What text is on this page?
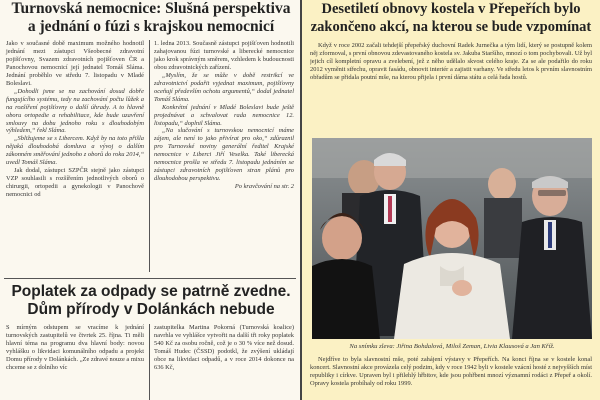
Turnovská nemocnice: Slušná perspektiva a jednání o fúzi s krajskou nemocnicí

Jako v současné době maximum možného hodnotil jednání mezi zástupci Všeobecné zdravotní pojišťovny, Svazem zdravotních pojišťoven ČR a Panochovou nemocnicí její jednatel Tomáš Sláma. Jednání proběhlo ve středu 7. listopadu v Mladé Boleslavi.

„Dohodli jsme se na zachování dosud dobře fungujícího systému, tedy na zachování počtu lůžek a na rozšíření pojišťovny o další úhrady. A to hlavně oboru ortopedie a rehabilitace, kde bude uzavření smlouvy na dobu jednoho roku s dlouhodobým výhledem,“ řekl Sláma.

„Sbližujeme se s Libercem. Když by na toto přišla nějaká dlouhodobá domluva a vývoj o dalším zákonném směřování jednoho z oborů do roku 2014,“ uvedl Tomáš Sláma.

Jak dodal, zástupci SZPČR stejně jako zástupci VZP souhlasili s rozšířením jednotlivých oborů o chirurgii, ortopedii a gynekologii v Panochově nemocnici od

1. ledna 2013. Současně zástupci pojišťoven hodnotili zahajovanou fúzi turnovské a liberecké nemocnice jako krok správným směrem, vzhledem k budoucnosti obou zdravotnických zařízení.

„Myslím, že se může v době restrikcí ve zdravotnictví podařit vyjednat maximum, pojišťovny oceňují především ochotu argumentů,“ dodal jednatel Tomáš Sláma.

Konkrétní jednání v Mladé Boleslavi bude ještě projednávat a schvalovat rada nemocnice 12. listopadu,“ doplnil Sláma.

„Na slučování s turnovskou nemocnicí máme zájem, ale není to jako přivírat pro oko,“ zdůraznil pro Turnovské noviny generální ředitel Krajské nemocnice v Liberci Jiří Veselka. Také liberecká nemocnice prošla ve středu 7. listopadu jednáním se zástupci zdravotních pojišťoven stran plánů pro dlouhodobou perspektivu.

Po kravčování na str. 2
Poplatek za odpady se patrně zvedne.
Dům přírody v Dolánkách nebude

S mírným odstupem se vracíme k jednání turnovských zastupitelů ve čtvrtek 25. října. Ti měli hlavní téma na programu dva hlavní body: novou vyhlášku o likvidaci komunálního odpadu a projekt Domu přírody v Dolánkách. „Ze zdravé nouze a mixu chceme se z dolního víc

zastupitelka Martina Pokorná (Turnovská koalice) navrhla ve vyhlášce vytvořit na další tři roky poplatek 540 Kč za osobu ročně, což je o 30 % více než dosud. Tomáš Hudec (ČSSD) podotkl, že zvýšení ukládají obce na likvidaci odpadů, a v roce 2014 dokonce na 636 Kč,

Desetiletí obnovy kostela v Přepeřích bylo zakončeno akcí, na kterou se bude vzpomínat

Když v roce 2002 začali tehdejší přepeřský duchovní Radek Jurnečka a tým lidí, který se postupně kolem něj zformoval, s první obnovou zdevastovaného kostela sv. Jakuba Staršího, mnozí o tom pochybovali. Už byl jejich cíl kompletní opravu a zvelebení, jež z něho udělalo skvost celého kraje. Za se ale podařilo do roku 2012 vyměnit střechu, opravit fasádu, obnovit interiér a zajistit varhany. Ve středu letos k prvním slavnostním obřadům se přidala poutní mše, na kterou přijela i první dáma státu a celá řada hostů.

Na snímku zleva: Jiřina Bohdalová, Miloš Zeman, Livia Klausová a Jan Kříž.

Nejdříve to byla slavnostní mše, poté zahájení výstavy v Přepeřích. Na konci října se v kostele konal koncert. Slavnostní akce provázela celý podzim, kdy v roce 1942 byli v kostele vzácní hosté z nejvyšších míst republiky i církve. Upraven byl i přilehlý hřbitov, kde jsou pohřbeni mnozí významní rodáci z Přepeř a okolí. Opravy kostela probíhaly od roku 1999.
